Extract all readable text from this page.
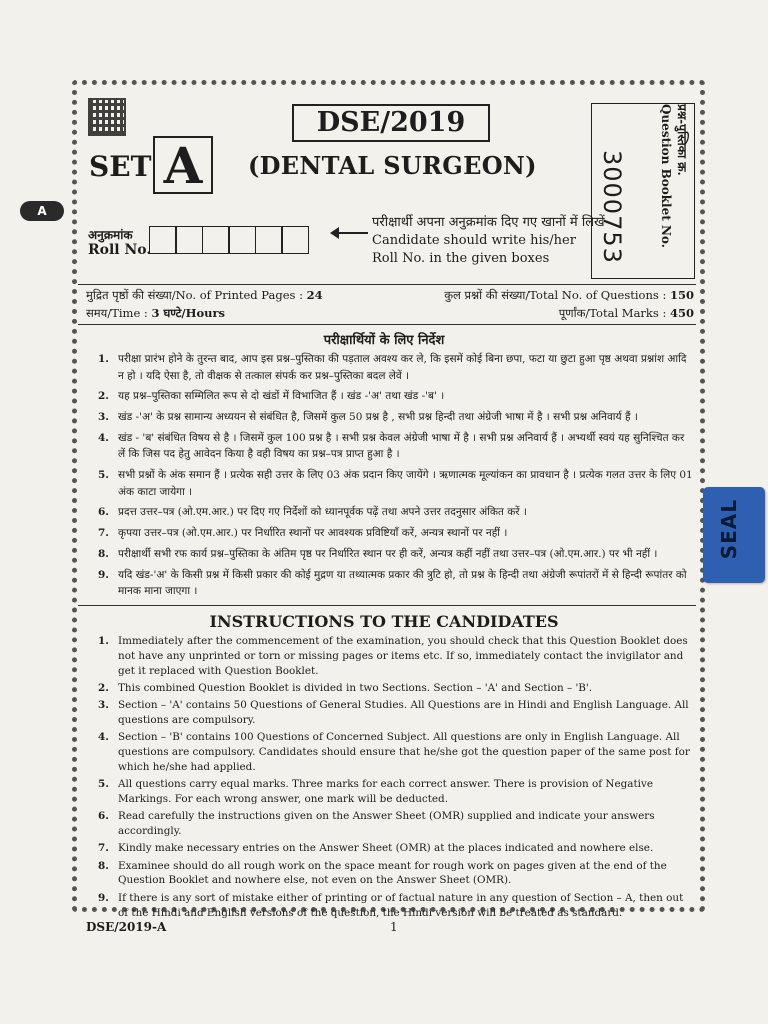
DSE/2019
SET A	(DENTAL SURGEON)
A
अनुक्रमांक
Roll No.
परीक्षार्थी अपना अनुक्रमांक दिए गए खानों में लिखें
Candidate should write his/her
Roll No. in the given boxes
प्रश्न-पुस्तिका क्र.
Question Booklet No.
3000753
मुद्रित पृष्ठों की संख्या/No. of Printed Pages : 24	कुल प्रश्नों की संख्या/Total No. of Questions : 150
समय/Time : 3 घण्टे/Hours	पूर्णांक/Total Marks : 450
परीक्षार्थियों के लिए निर्देश
1. परीक्षा प्रारंभ होने के तुरन्त बाद, आप इस प्रश्न–पुस्तिका की पड़ताल अवश्य कर ले, कि इसमें कोई बिना छपा, फटा या छुटा हुआ पृष्ठ अथवा प्रश्नांश आदि न हो । यदि ऐसा है, तो वीक्षक से तत्काल संपर्क कर प्रश्न–पुस्तिका बदल लेवें ।
2. यह प्रश्न–पुस्तिका सम्मिलित रूप से दो खंडों में विभाजित हैं । खंड -'अ' तथा खंड -'ब' ।
3. खंड -'अ' के प्रश्न सामान्य अध्ययन से संबंधित है, जिसमें कुल 50 प्रश्न है , सभी प्रश्न हिन्दी तथा अंग्रेजी भाषा में है । सभी प्रश्न अनिवार्य हैं ।
4. खंड - 'ब' संबंधित विषय से है । जिसमें कुल 100 प्रश्न है । सभी प्रश्न केवल अंग्रेजी भाषा में है । सभी प्रश्न अनिवार्य हैं । अभ्यर्थी स्वयं यह सुनिश्चित कर लें कि जिस पद हेतु आवेदन किया है वही विषय का प्रश्न–पत्र प्राप्त हुआ है ।
5. सभी प्रश्नों के अंक समान हैं । प्रत्येक सही उत्तर के लिए 03 अंक प्रदान किए जायेंगे । ऋणात्मक मूल्यांकन का प्रावधान है । प्रत्येक गलत उत्तर के लिए 01 अंक काटा जायेगा ।
6. प्रदत्त उत्तर–पत्र (ओ.एम.आर.) पर दिए गए निर्देशों को ध्यानपूर्वक पढ़ें तथा अपने उत्तर तदनुसार अंकित करें ।
7. कृपया उत्तर–पत्र (ओ.एम.आर.) पर निर्धारित स्थानों पर आवश्यक प्रविष्टियाँ करें, अन्यत्र स्थानों पर नहीं ।
8. परीक्षार्थी सभी रफ कार्य प्रश्न–पुस्तिका के अंतिम पृष्ठ पर निर्धारित स्थान पर ही करें, अन्यत्र कहीं नहीं तथा उत्तर–पत्र (ओ.एम.आर.) पर भी नहीं ।
9. यदि खंड-'अ' के किसी प्रश्न में किसी प्रकार की कोई मुद्रण या तथ्यात्मक प्रकार की त्रुटि हो, तो प्रश्न के हिन्दी तथा अंग्रेजी रूपांतरों में से हिन्दी रूपांतर को मानक माना जाएगा ।
INSTRUCTIONS TO THE CANDIDATES
1. Immediately after the commencement of the examination, you should check that this Question Booklet does not have any unprinted or torn or missing pages or items etc. If so, immediately contact the invigilator and get it replaced with Question Booklet.
2. This combined Question Booklet is divided in two Sections. Section – 'A' and Section – 'B'.
3. Section – 'A' contains 50 Questions of General Studies. All Questions are in Hindi and English Language. All questions are compulsory.
4. Section – 'B' contains 100 Questions of Concerned Subject. All questions are only in English Language. All questions are compulsory. Candidates should ensure that he/she got the question paper of the same post for which he/she had applied.
5. All questions carry equal marks. Three marks for each correct answer. There is provision of Negative Markings. For each wrong answer, one mark will be deducted.
6. Read carefully the instructions given on the Answer Sheet (OMR) supplied and indicate your answers accordingly.
7. Kindly make necessary entries on the Answer Sheet (OMR) at the places indicated and nowhere else.
8. Examinee should do all rough work on the space meant for rough work on pages given at the end of the Question Booklet and nowhere else, not even on the Answer Sheet (OMR).
9. If there is any sort of mistake either of printing or of factual nature in any question of Section – A, then out of the Hindi and English versions of the question, the Hindi version will be treated as standard.
SEAL
DSE/2019-A	1
